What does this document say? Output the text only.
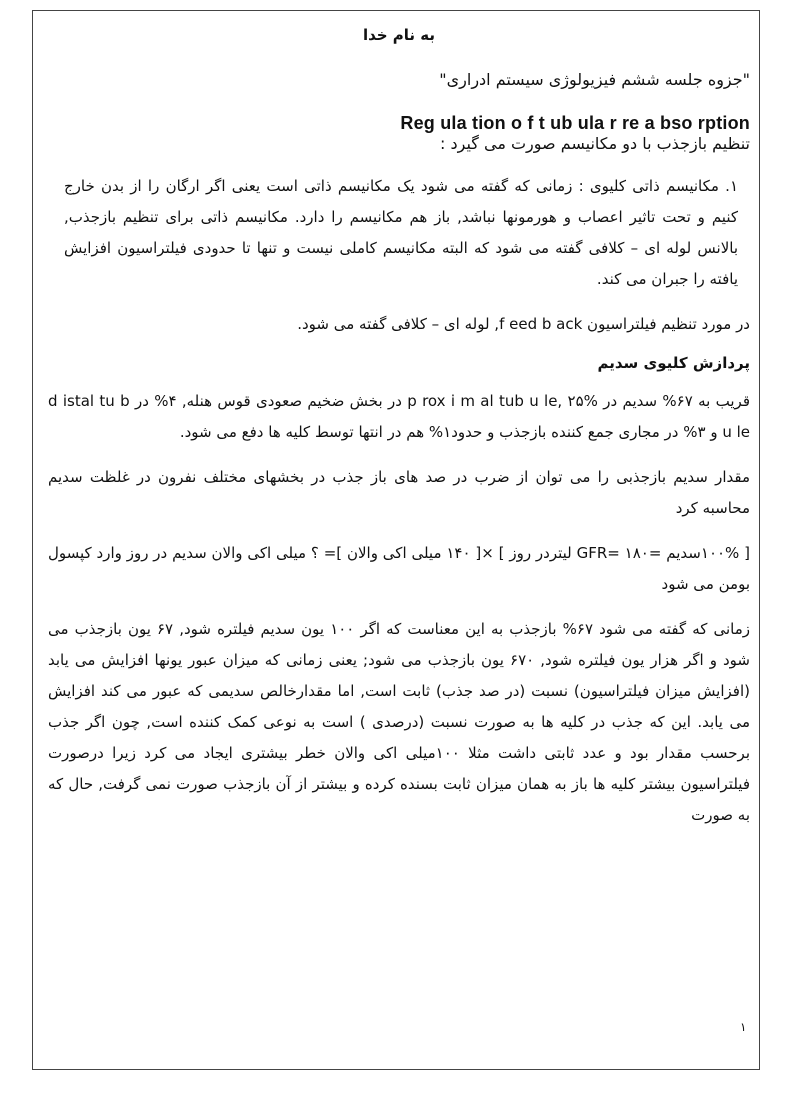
به نام خدا
"جزوه جلسه ششم فیزیولوژی سیستم ادراری"
Reg ula tion o f t ub ula r re a bso rption
تنظیم بازجذب با دو مکانیسم صورت می گیرد :
۱. مکانیسم ذاتی کلیوی : زمانی که گفته می شود یک مکانیسم ذاتی است یعنی اگر ارگان را از بدن خارج کنیم و تحت تاثیر اعصاب و هورمونها نباشد, باز هم مکانیسم را دارد. مکانیسم ذاتی برای تنظیم بازجذب, بالانس لوله ای – کلافی گفته می شود که البته مکانیسم کاملی نیست و تنها تا حدودی فیلتراسیون افزایش یافته را جبران می کند.
در مورد تنظیم فیلتراسیون f eed b ack, لوله ای – کلافی گفته می شود.
پردازش کلیوی سدیم
قریب به ۶۷% سدیم در p rox i m al tub u le, ۲۵% در بخش ضخیم صعودی قوس هنله, ۴% در d istal tu b u le و ۳% در مجاری جمع کننده بازجذب و حدود۱% هم در انتها توسط کلیه ها دفع می شود.
مقدار سدیم بازجذبی را می توان از ضرب در صد های باز جذب در بخشهای مختلف نفرون در غلظت سدیم محاسبه کرد
[ ۱۰۰%سدیم =GFR= ۱۸۰ لیتردر روز ] ×[ ۱۴۰ میلی اکی والان ]= ؟ میلی اکی والان سدیم در روز وارد کپسول بومن می شود
زمانی که گفته می شود ۶۷% بازجذب به این معناست که اگر ۱۰۰ یون سدیم فیلتره شود, ۶۷ یون بازجذب می شود و اگر هزار یون فیلتره شود, ۶۷۰ یون بازجذب می شود; یعنی زمانی که میزان عبور یونها افزایش می یابد (افزایش میزان فیلتراسیون) نسبت (در صد جذب) ثابت است, اما مقدارخالص سدیمی که عبور می کند افزایش می یابد. این که جذب در کلیه ها به صورت نسبت (درصدی ) است به نوعی کمک کننده است, چون اگر جذب برحسب مقدار بود و عدد ثابتی داشت مثلا ۱۰۰میلی اکی والان خطر بیشتری ایجاد می کرد زیرا درصورت فیلتراسیون بیشتر کلیه ها باز به همان میزان ثابت بسنده کرده و بیشتر از آن بازجذب صورت نمی گرفت, حال که به صورت
۱
